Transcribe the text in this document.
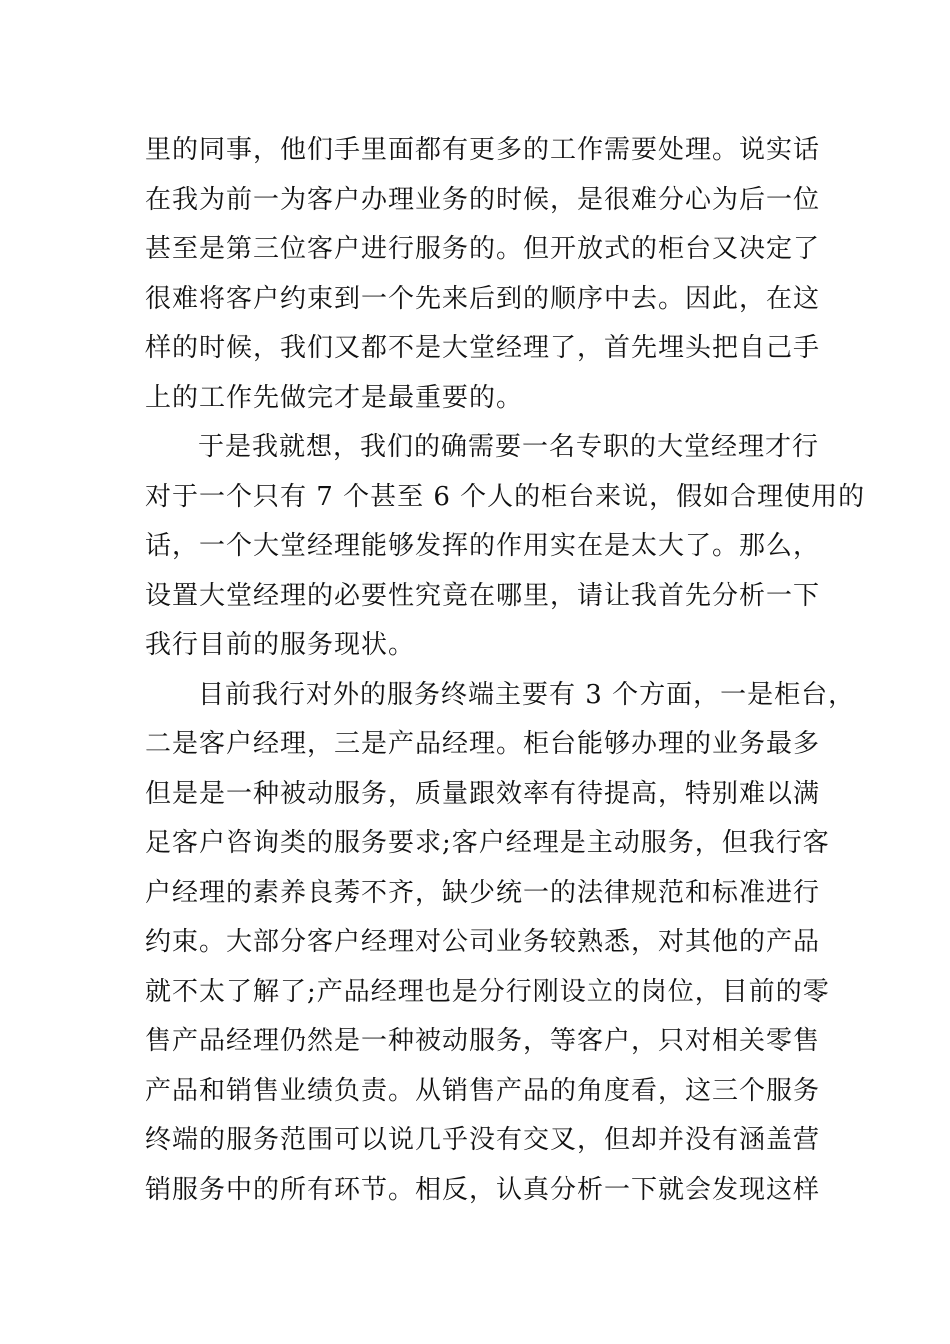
里的同事，他们手里面都有更多的工作需要处理。说实话
在我为前一为客户办理业务的时候，是很难分心为后一位
甚至是第三位客户进行服务的。但开放式的柜台又决定了
很难将客户约束到一个先来后到的顺序中去。因此，在这
样的时候，我们又都不是大堂经理了，首先埋头把自己手
上的工作先做完才是最重要的。
于是我就想，我们的确需要一名专职的大堂经理才行
对于一个只有 7 个甚至 6 个人的柜台来说，假如合理使用的
话，一个大堂经理能够发挥的作用实在是太大了。那么，
设置大堂经理的必要性究竟在哪里，请让我首先分析一下
我行目前的服务现状。
目前我行对外的服务终端主要有 3 个方面，一是柜台，
二是客户经理，三是产品经理。柜台能够办理的业务最多
但是是一种被动服务，质量跟效率有待提高，特别难以满
足客户咨询类的服务要求;客户经理是主动服务，但我行客
户经理的素养良莠不齐，缺少统一的法律规范和标准进行
约束。大部分客户经理对公司业务较熟悉，对其他的产品
就不太了解了;产品经理也是分行刚设立的岗位，目前的零
售产品经理仍然是一种被动服务，等客户，只对相关零售
产品和销售业绩负责。从销售产品的角度看，这三个服务
终端的服务范围可以说几乎没有交叉，但却并没有涵盖营
销服务中的所有环节。相反，认真分析一下就会发现这样
